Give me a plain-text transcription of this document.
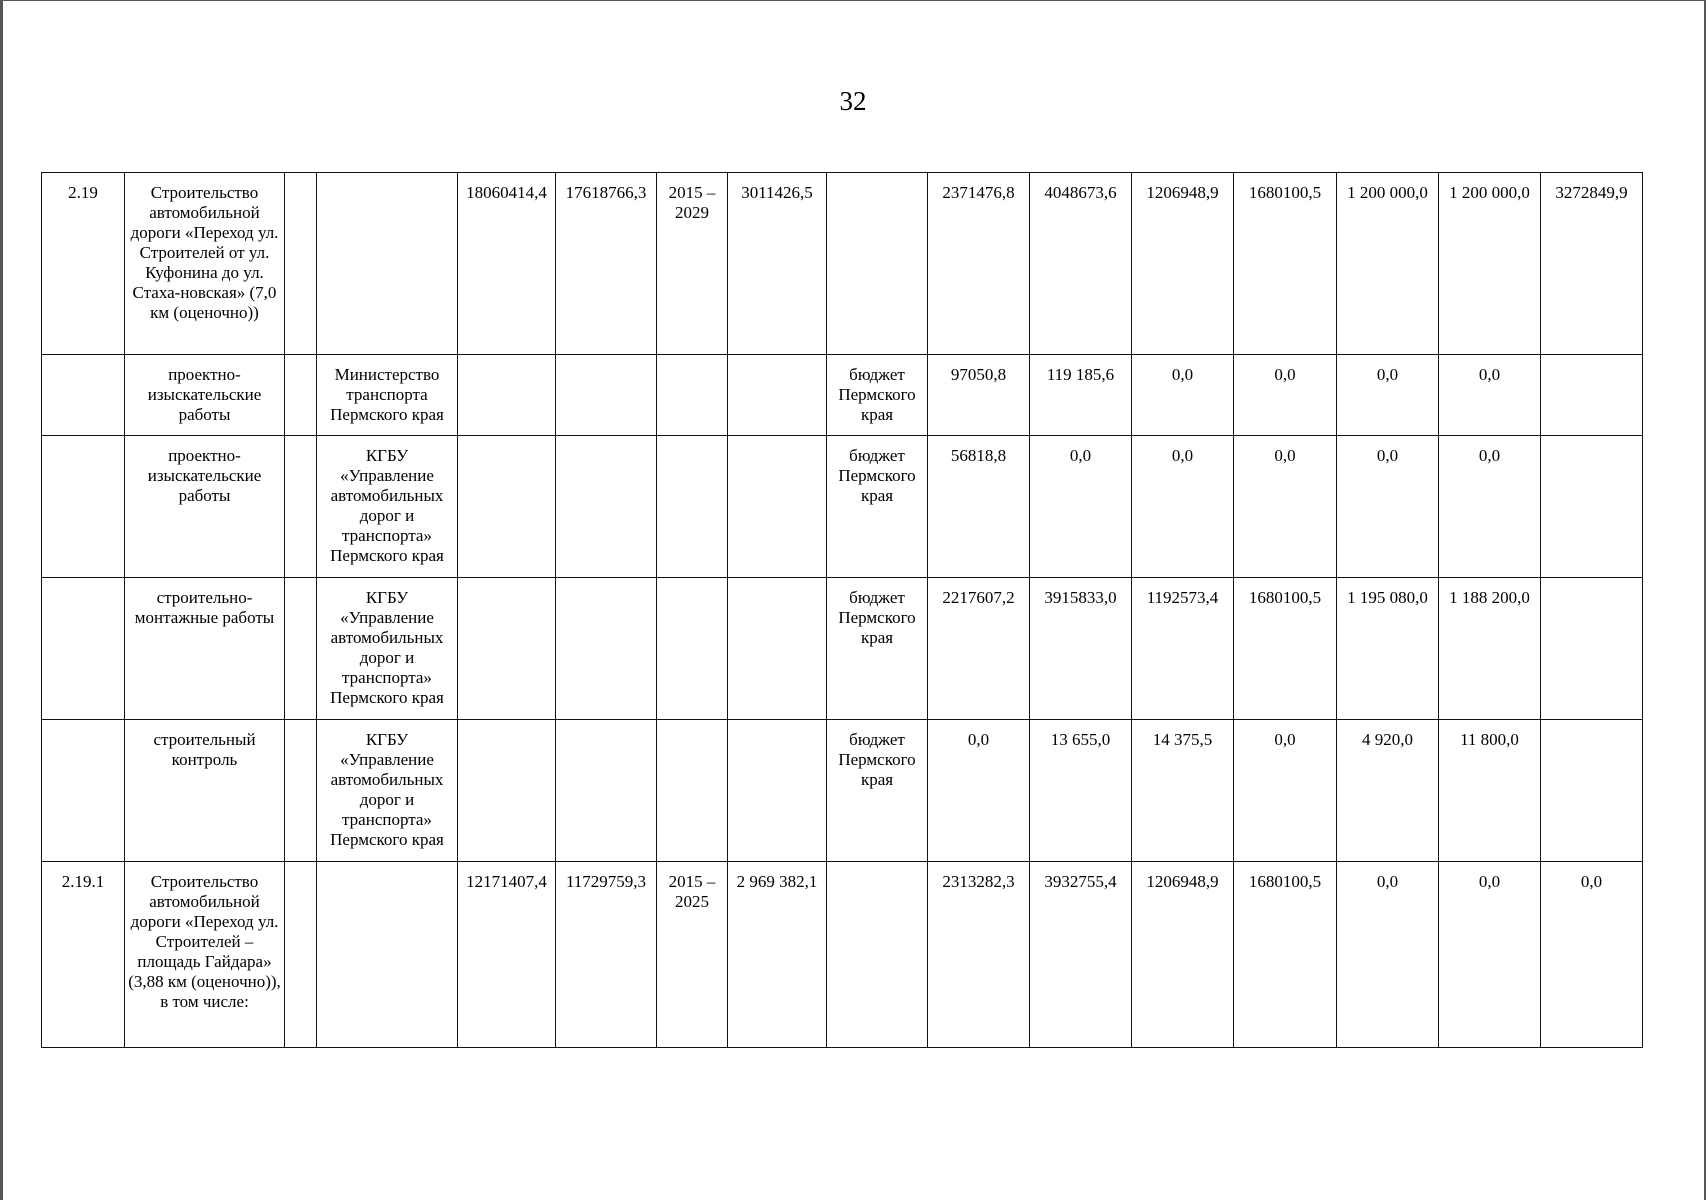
32
2.19	Строительство автомобильной дороги «Переход ул. Строителей от ул. Куфонина до ул. Стаха-новская» (7,0 км (оценочно))			18060414,4	17618766,3	2015 – 2029	3011426,5		2371476,8	4048673,6	1206948,9	1680100,5	1 200 000,0	1 200 000,0	3272849,9
	проектно-изыскательские работы		Министерство транспорта Пермского края					бюджет Пермского края	97050,8	119 185,6	0,0	0,0	0,0	0,0	
	проектно-изыскательские работы		КГБУ «Управление автомобильных дорог и транспорта» Пермского края					бюджет Пермского края	56818,8	0,0	0,0	0,0	0,0	0,0	
	строительно-монтажные работы		КГБУ «Управление автомобильных дорог и транспорта» Пермского края					бюджет Пермского края	2217607,2	3915833,0	1192573,4	1680100,5	1 195 080,0	1 188 200,0	
	строительный контроль		КГБУ «Управление автомобильных дорог и транспорта» Пермского края					бюджет Пермского края	0,0	13 655,0	14 375,5	0,0	4 920,0	11 800,0	
2.19.1	Строительство автомобильной дороги «Переход ул. Строителей – площадь Гайдара» (3,88 км (оценочно)), в том числе:			12171407,4	11729759,3	2015 – 2025	2 969 382,1		2313282,3	3932755,4	1206948,9	1680100,5	0,0	0,0	0,0
